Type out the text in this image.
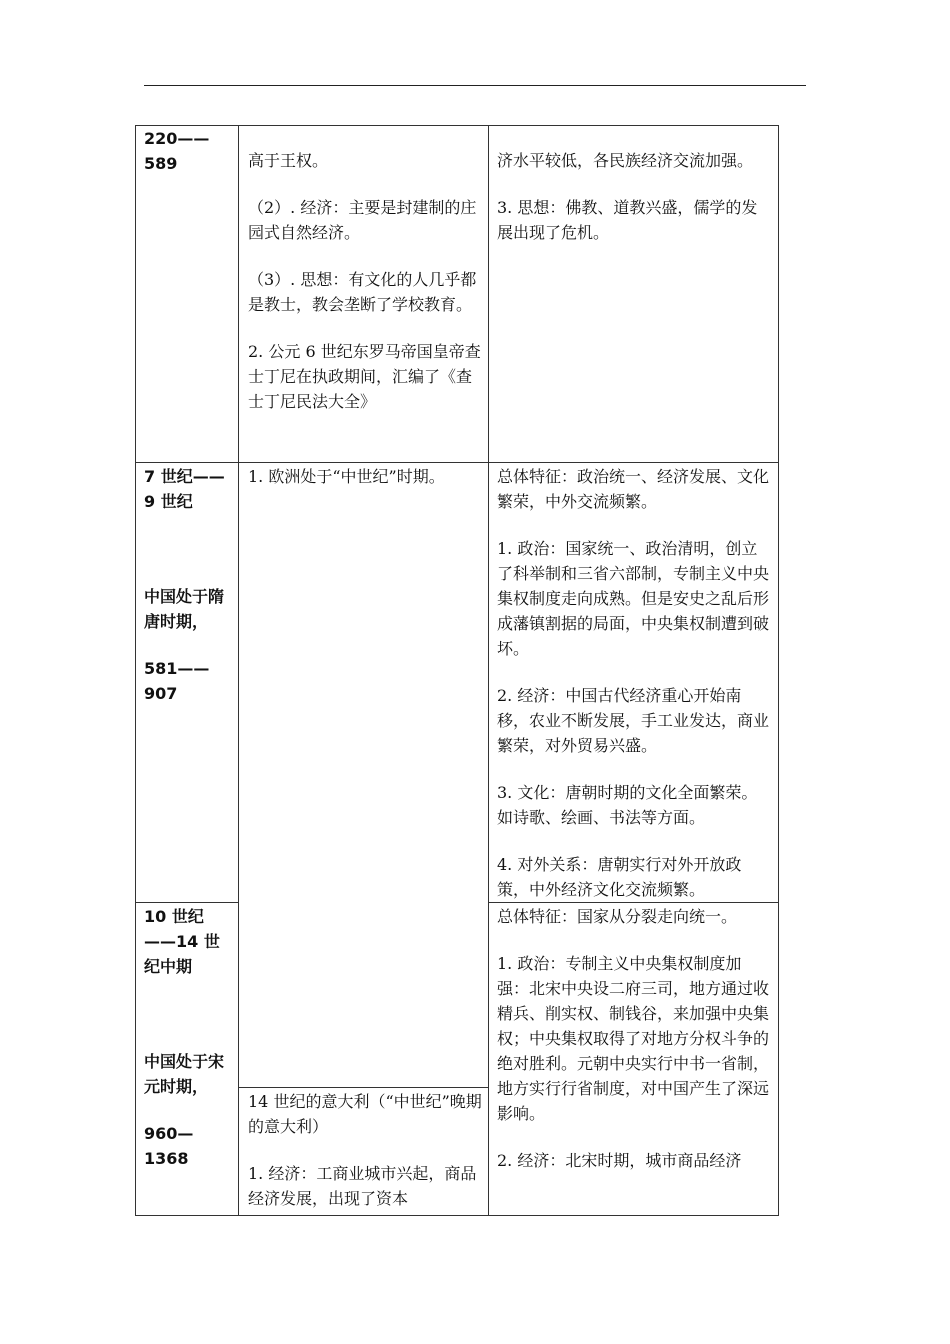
220——589	高于王权。

（2）. 经济：主要是封建制的庄园式自然经济。

（3）. 思想：有文化的人几乎都是教士，教会垄断了学校教育。

2. 公元 6 世纪东罗马帝国皇帝查士丁尼在执政期间，汇编了《查士丁尼民法大全》

济水平较低，各民族经济交流加强。

3. 思想：佛教、道教兴盛，儒学的发展出现了危机。

7 世纪——9 世纪

中国处于隋唐时期，

581——907

1. 欧洲处于“中世纪”时期。	总体特征：政治统一、经济发展、文化繁荣，中外交流频繁。

1. 政治：国家统一、政治清明，创立了科举制和三省六部制，专制主义中央集权制度走向成熟。但是安史之乱后形成藩镇割据的局面，中央集权制遭到破坏。

2. 经济：中国古代经济重心开始南移，农业不断发展，手工业发达，商业繁荣，对外贸易兴盛。

3. 文化：唐朝时期的文化全面繁荣。如诗歌、绘画、书法等方面。

4. 对外关系：唐朝实行对外开放政策，中外经济文化交流频繁。

10 世纪——14 世纪中期

中国处于宋元时期，

960—1368

14 世纪的意大利（“中世纪”晚期的意大利）

1. 经济：工商业城市兴起，商品经济发展，出现了资本

总体特征：国家从分裂走向统一。

1. 政治：专制主义中央集权制度加强：北宋中央设二府三司，地方通过收精兵、削实权、制钱谷，来加强中央集权；中央集权取得了对地方分权斗争的绝对胜利。元朝中央实行中书一省制，地方实行行省制度，对中国产生了深远影响。

2. 经济：北宋时期，城市商品经济
